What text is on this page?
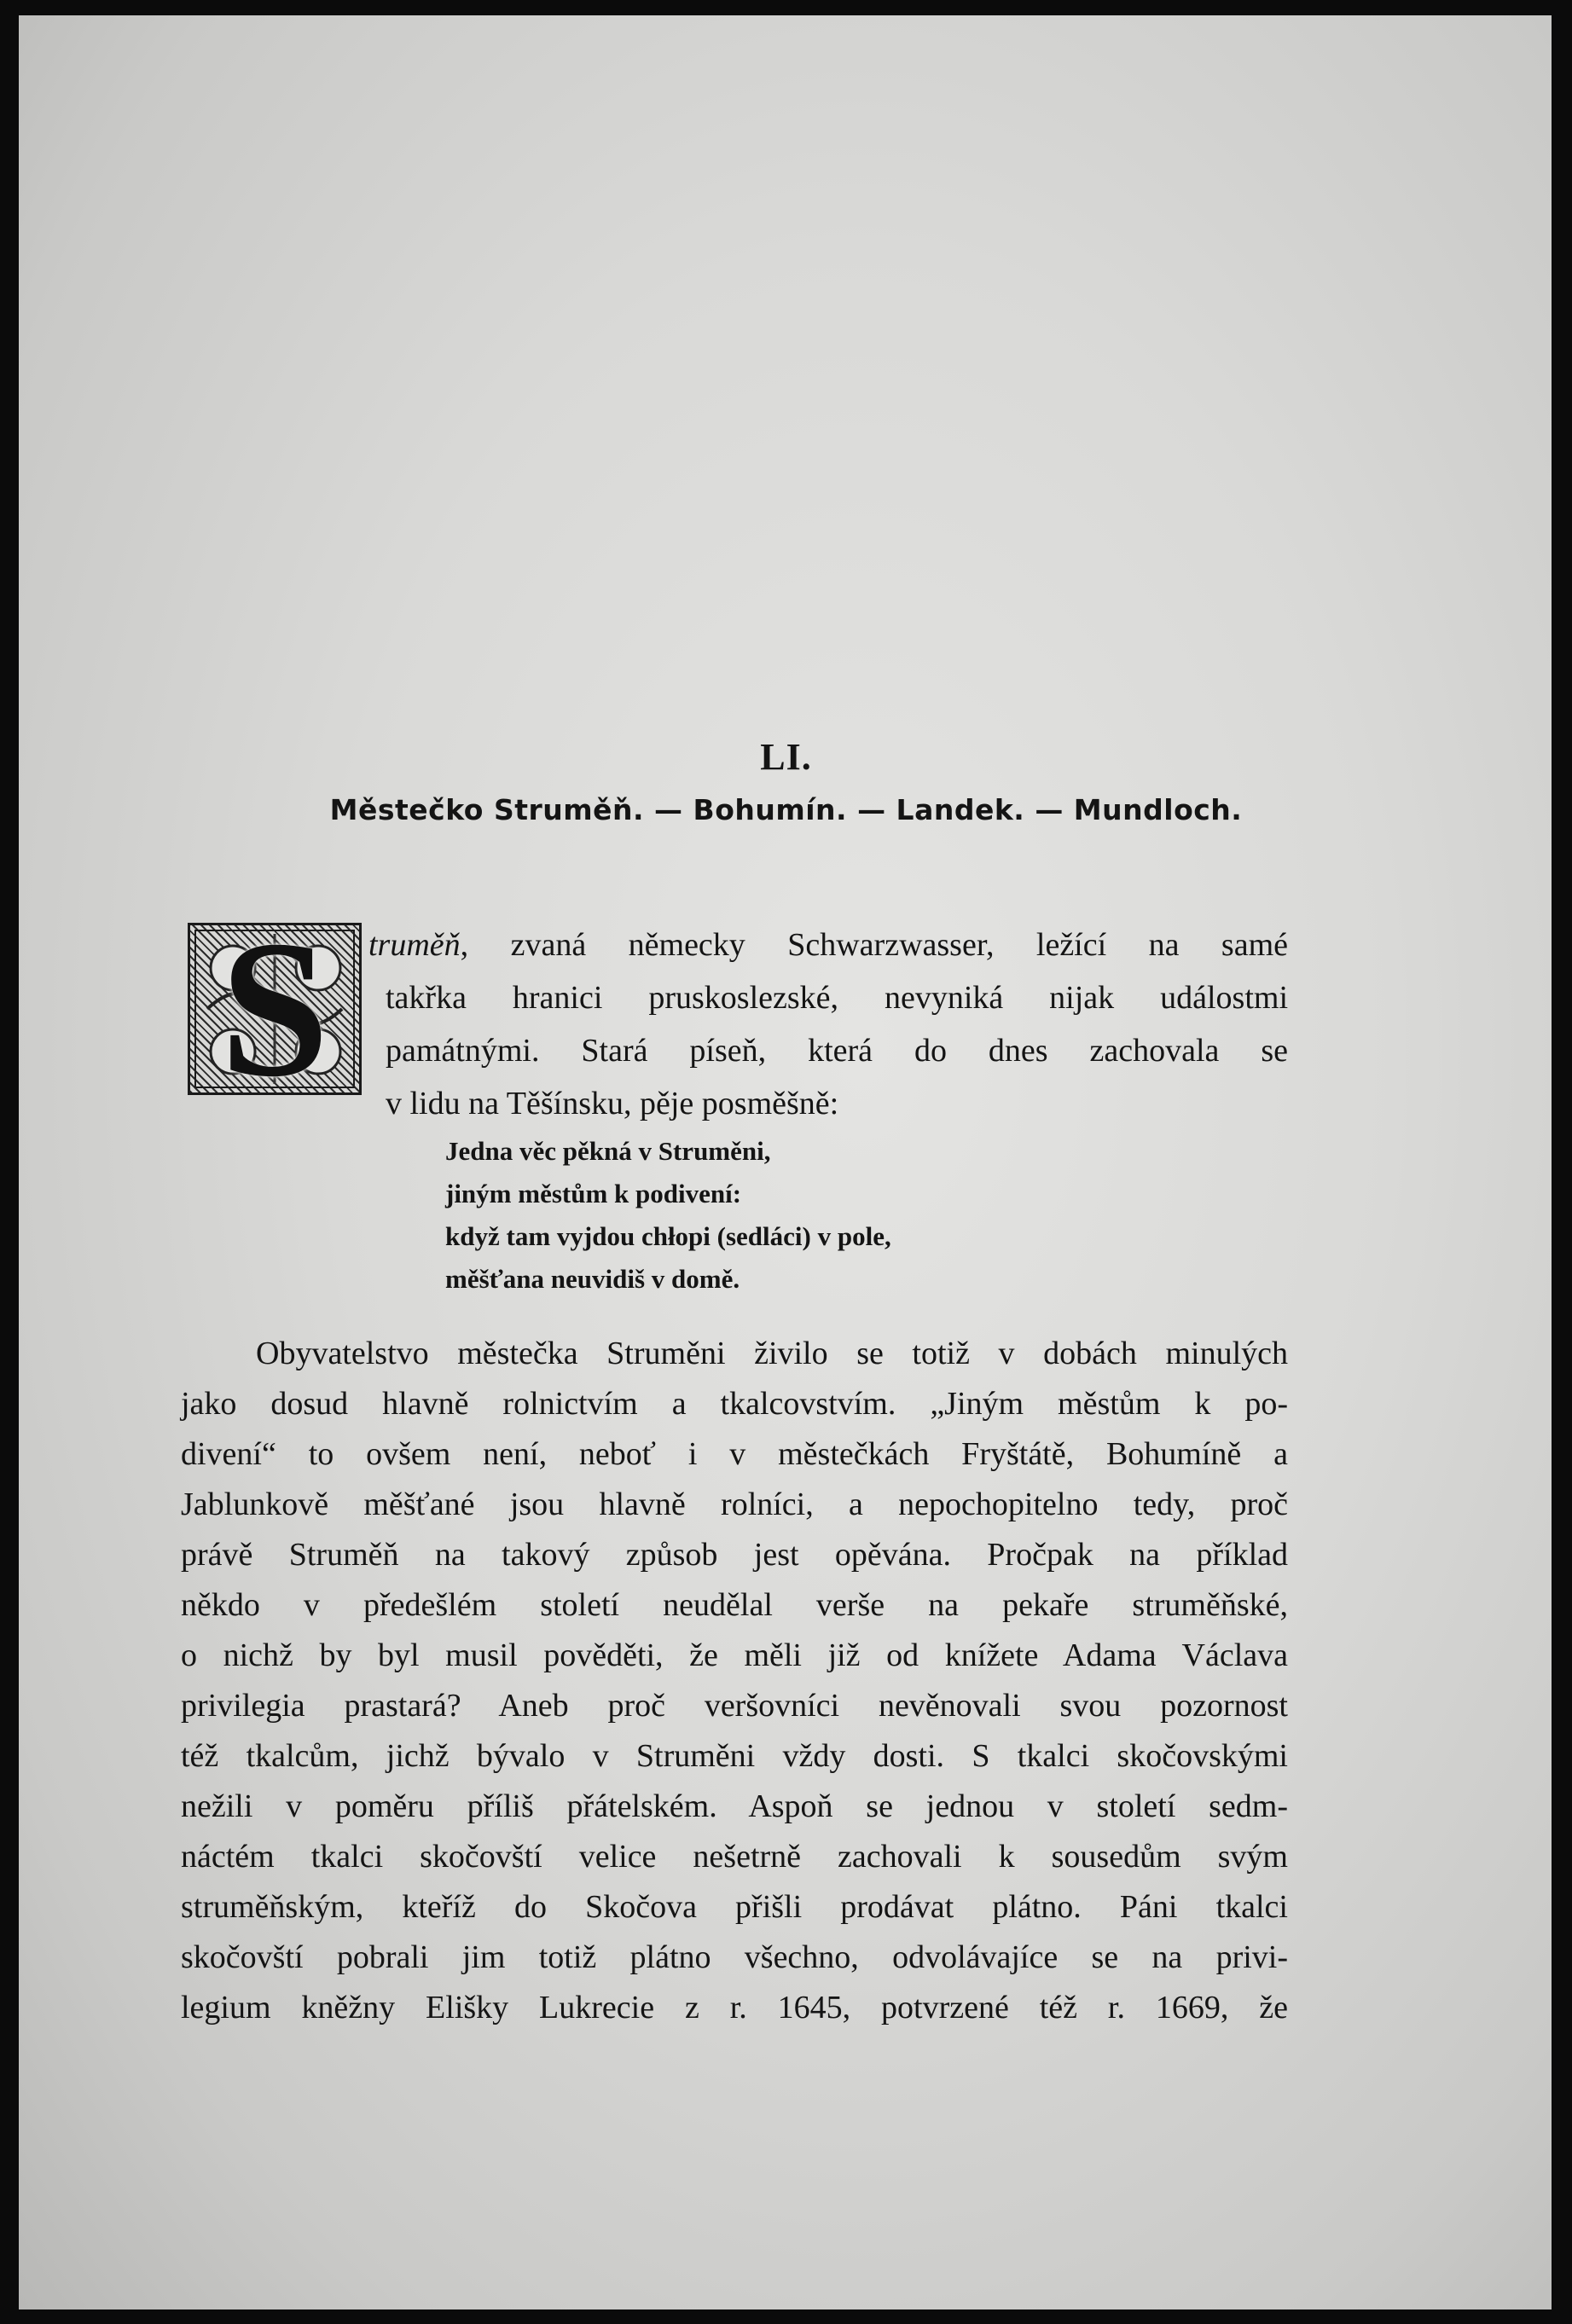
LI.
Městečko Struměň. — Bohumín. — Landek. — Mundloch.
S	truměň, zvaná německy Schwarzwasser, ležící na samé
takřka hranici pruskoslezské, nevyniká nijak událostmi
památnými. Stará píseň, která do dnes zachovala se
v lidu na Těšínsku, pěje posměšně:
Jedna věc pěkná v Struměni,
jiným městům k podivení:
když tam vyjdou chłopi (sedláci) v pole,
měšťana neuvidiš v domě.
Obyvatelstvo městečka Struměni živilo se totiž v dobách minulých
jako dosud hlavně rolnictvím a tkalcovstvím. „Jiným městům k po-
divení“ to ovšem není, neboť i v městečkách Fryštátě, Bohumíně a
Jablunkově měšťané jsou hlavně rolníci, a nepochopitelno tedy, proč
právě Struměň na takový způsob jest opěvána. Pročpak na příklad
někdo v předešlém století neudělal verše na pekaře struměňské,
o nichž by byl musil pověděti, že měli již od knížete Adama Václava
privilegia prastará? Aneb proč veršovníci nevěnovali svou pozornost
též tkalcům, jichž bývalo v Struměni vždy dosti. S tkalci skočovskými
nežili v poměru příliš přátelském. Aspoň se jednou v století sedm-
náctém tkalci skočovští velice nešetrně zachovali k sousedům svým
struměňským, kteříž do Skočova přišli prodávat plátno. Páni tkalci
skočovští pobrali jim totiž plátno všechno, odvolávajíce se na privi-
legium kněžny Elišky Lukrecie z r. 1645, potvrzené též r. 1669, že
